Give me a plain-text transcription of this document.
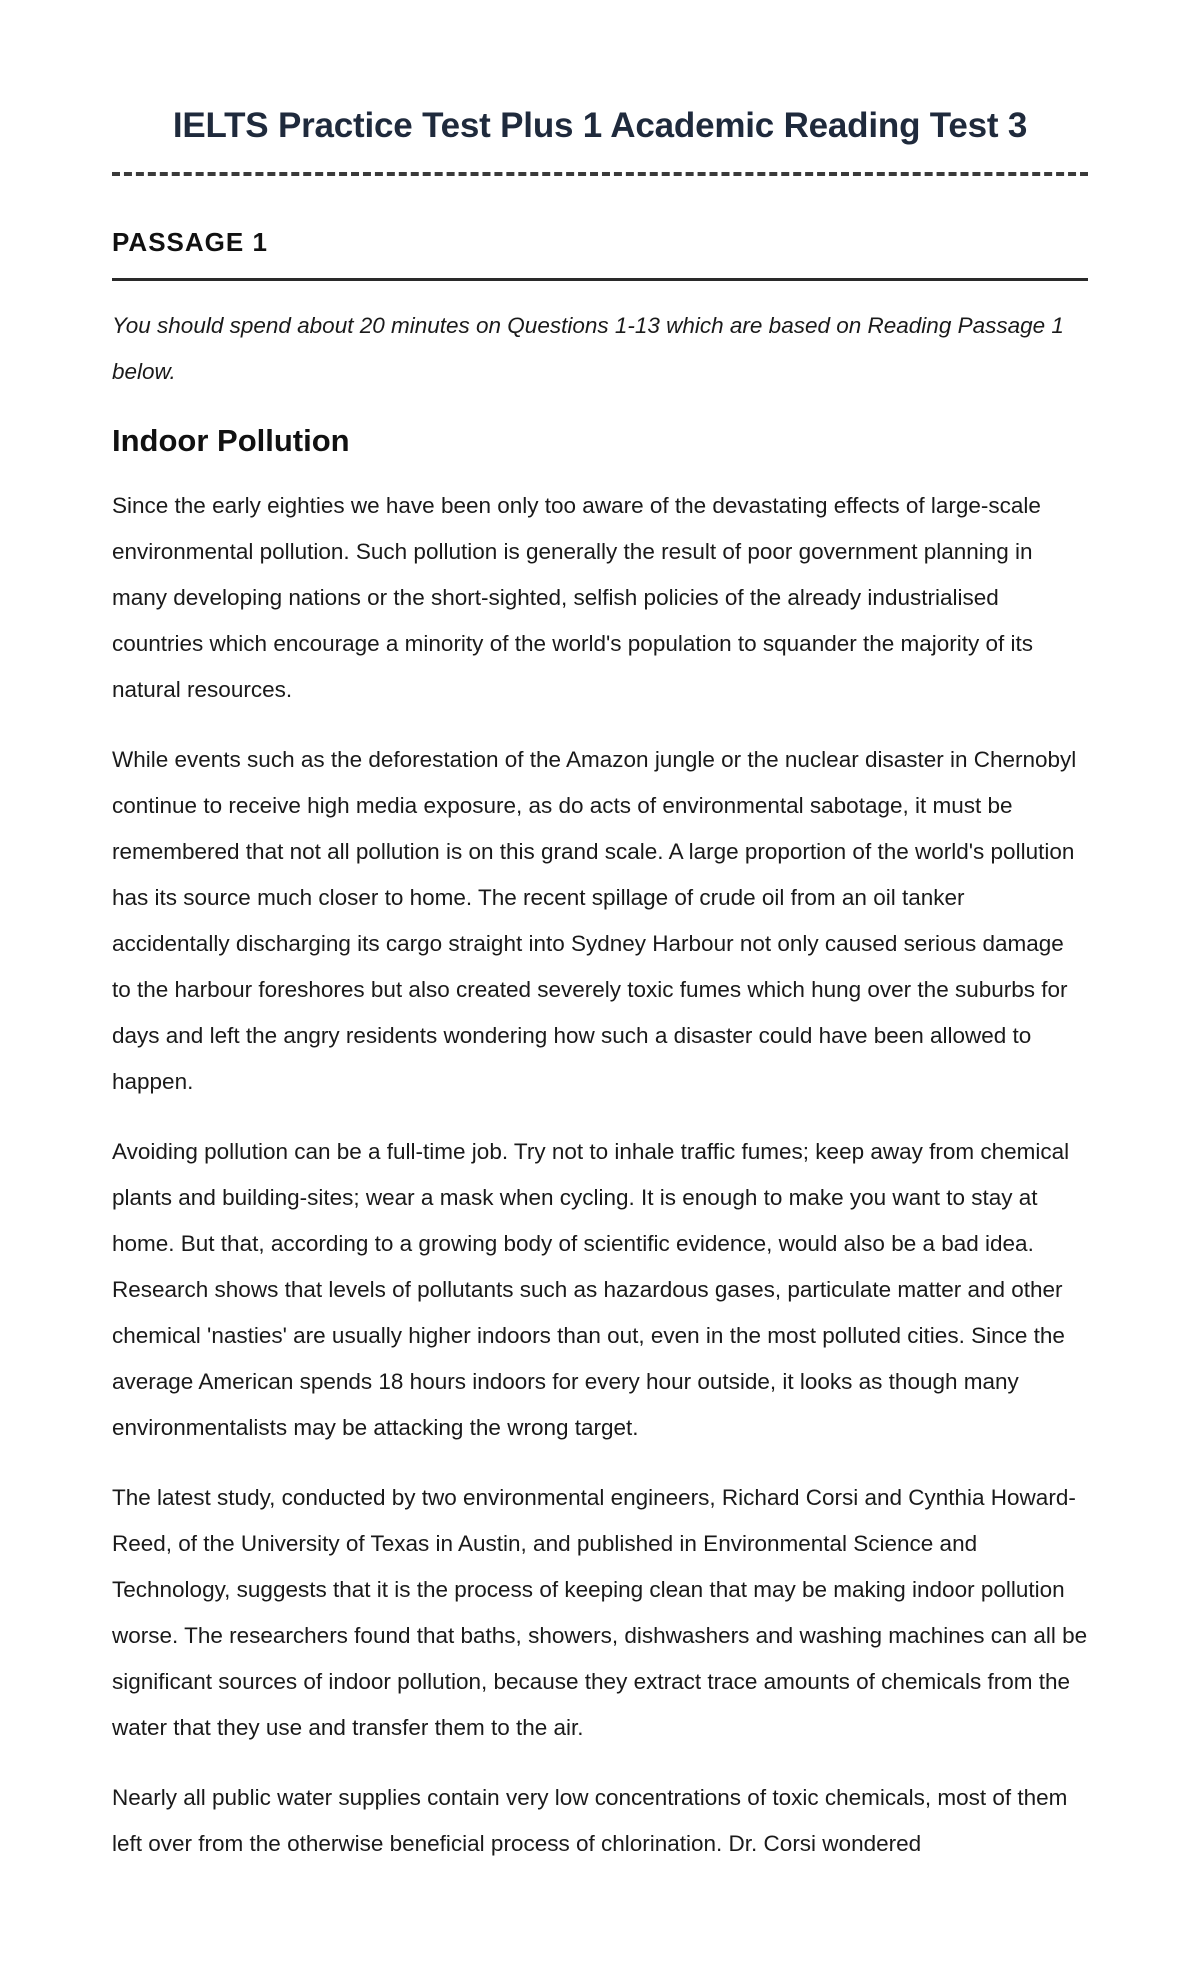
IELTS Practice Test Plus 1 Academic Reading Test 3
PASSAGE 1

You should spend about 20 minutes on Questions 1-13 which are based on Reading Passage 1 below.

Indoor Pollution

Since the early eighties we have been only too aware of the devastating effects of large-scale environmental pollution. Such pollution is generally the result of poor government planning in many developing nations or the short-sighted, selfish policies of the already industrialised countries which encourage a minority of the world's population to squander the majority of its natural resources.

While events such as the deforestation of the Amazon jungle or the nuclear disaster in Chernobyl continue to receive high media exposure, as do acts of environmental sabotage, it must be remembered that not all pollution is on this grand scale. A large proportion of the world's pollution has its source much closer to home. The recent spillage of crude oil from an oil tanker accidentally discharging its cargo straight into Sydney Harbour not only caused serious damage to the harbour foreshores but also created severely toxic fumes which hung over the suburbs for days and left the angry residents wondering how such a disaster could have been allowed to happen.

Avoiding pollution can be a full-time job. Try not to inhale traffic fumes; keep away from chemical plants and building-sites; wear a mask when cycling. It is enough to make you want to stay at home. But that, according to a growing body of scientific evidence, would also be a bad idea. Research shows that levels of pollutants such as hazardous gases, particulate matter and other chemical 'nasties' are usually higher indoors than out, even in the most polluted cities. Since the average American spends 18 hours indoors for every hour outside, it looks as though many environmentalists may be attacking the wrong target.

The latest study, conducted by two environmental engineers, Richard Corsi and Cynthia Howard-Reed, of the University of Texas in Austin, and published in Environmental Science and Technology, suggests that it is the process of keeping clean that may be making indoor pollution worse. The researchers found that baths, showers, dishwashers and washing machines can all be significant sources of indoor pollution, because they extract trace amounts of chemicals from the water that they use and transfer them to the air.

Nearly all public water supplies contain very low concentrations of toxic chemicals, most of them left over from the otherwise beneficial process of chlorination. Dr. Corsi wondered
